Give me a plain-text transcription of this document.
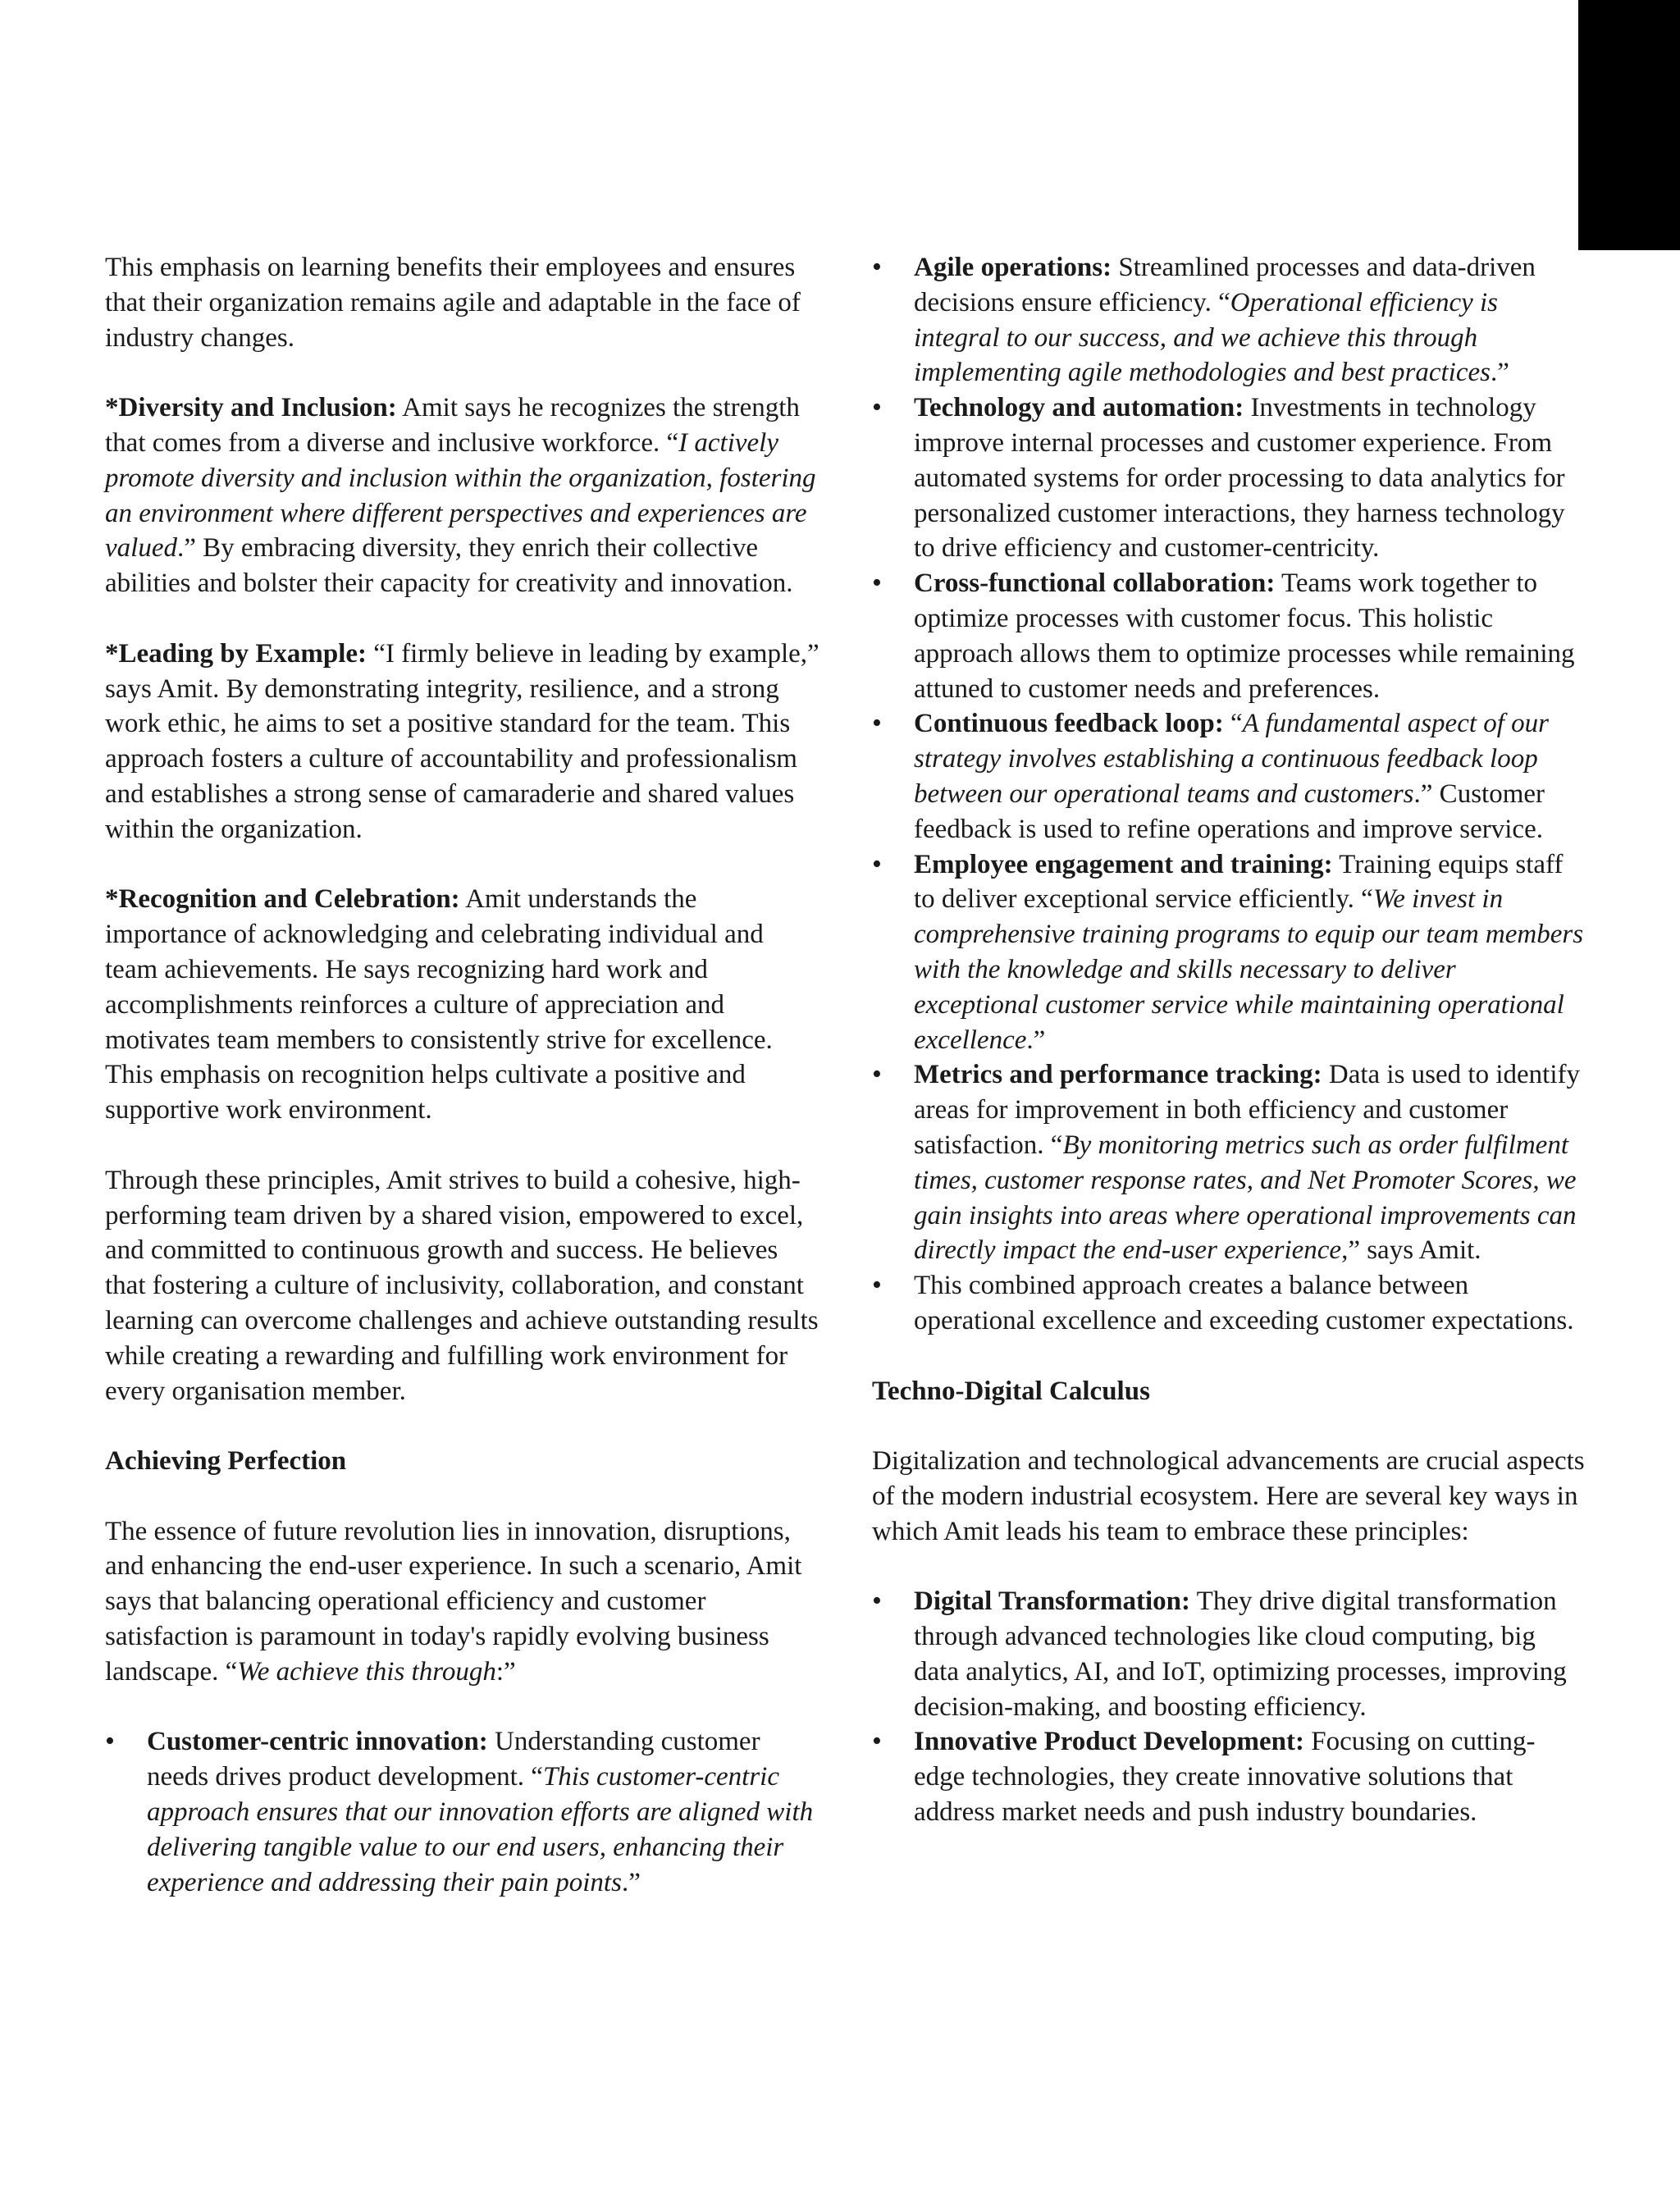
This emphasis on learning benefits their employees and ensures that their organization remains agile and adaptable in the face of industry changes.

*Diversity and Inclusion: Amit says he recognizes the strength that comes from a diverse and inclusive workforce. “I actively promote diversity and inclusion within the organization, fostering an environment where different perspectives and experiences are valued.” By embracing diversity, they enrich their collective abilities and bolster their capacity for creativity and innovation.

*Leading by Example: “I firmly believe in leading by example,” says Amit. By demonstrating integrity, resilience, and a strong work ethic, he aims to set a positive standard for the team. This approach fosters a culture of accountability and professionalism and establishes a strong sense of camaraderie and shared values within the organization.

*Recognition and Celebration: Amit understands the importance of acknowledging and celebrating individual and team achievements. He says recognizing hard work and accomplishments reinforces a culture of appreciation and motivates team members to consistently strive for excellence. This emphasis on recognition helps cultivate a positive and supportive work environment.

Through these principles, Amit strives to build a cohesive, high-performing team driven by a shared vision, empowered to excel, and committed to continuous growth and success. He believes that fostering a culture of inclusivity, collaboration, and constant learning can overcome challenges and achieve outstanding results while creating a rewarding and fulfilling work environment for every organisation member.

Achieving Perfection

The essence of future revolution lies in innovation, disruptions, and enhancing the end-user experience. In such a scenario, Amit says that balancing operational efficiency and customer satisfaction is paramount in today's rapidly evolving business landscape. “We achieve this through:”

• Customer-centric innovation: Understanding customer needs drives product development. “This customer-centric approach ensures that our innovation efforts are aligned with delivering tangible value to our end users, enhancing their experience and addressing their pain points.”
• Agile operations: Streamlined processes and data-driven decisions ensure efficiency. “Operational efficiency is integral to our success, and we achieve this through implementing agile methodologies and best practices.”
• Technology and automation: Investments in technology improve internal processes and customer experience. From automated systems for order processing to data analytics for personalized customer interactions, they harness technology to drive efficiency and customer-centricity.
• Cross-functional collaboration: Teams work together to optimize processes with customer focus. This holistic approach allows them to optimize processes while remaining attuned to customer needs and preferences.
• Continuous feedback loop: “A fundamental aspect of our strategy involves establishing a continuous feedback loop between our operational teams and customers.” Customer feedback is used to refine operations and improve service.
• Employee engagement and training: Training equips staff to deliver exceptional service efficiently. “We invest in comprehensive training programs to equip our team members with the knowledge and skills necessary to deliver exceptional customer service while maintaining operational excellence.”
• Metrics and performance tracking: Data is used to identify areas for improvement in both efficiency and customer satisfaction. “By monitoring metrics such as order fulfilment times, customer response rates, and Net Promoter Scores, we gain insights into areas where operational improvements can directly impact the end-user experience,” says Amit.
• This combined approach creates a balance between operational excellence and exceeding customer expectations.

Techno-Digital Calculus

Digitalization and technological advancements are crucial aspects of the modern industrial ecosystem. Here are several key ways in which Amit leads his team to embrace these principles:

• Digital Transformation: They drive digital transformation through advanced technologies like cloud computing, big data analytics, AI, and IoT, optimizing processes, improving decision-making, and boosting efficiency.
• Innovative Product Development: Focusing on cutting-edge technologies, they create innovative solutions that address market needs and push industry boundaries.
